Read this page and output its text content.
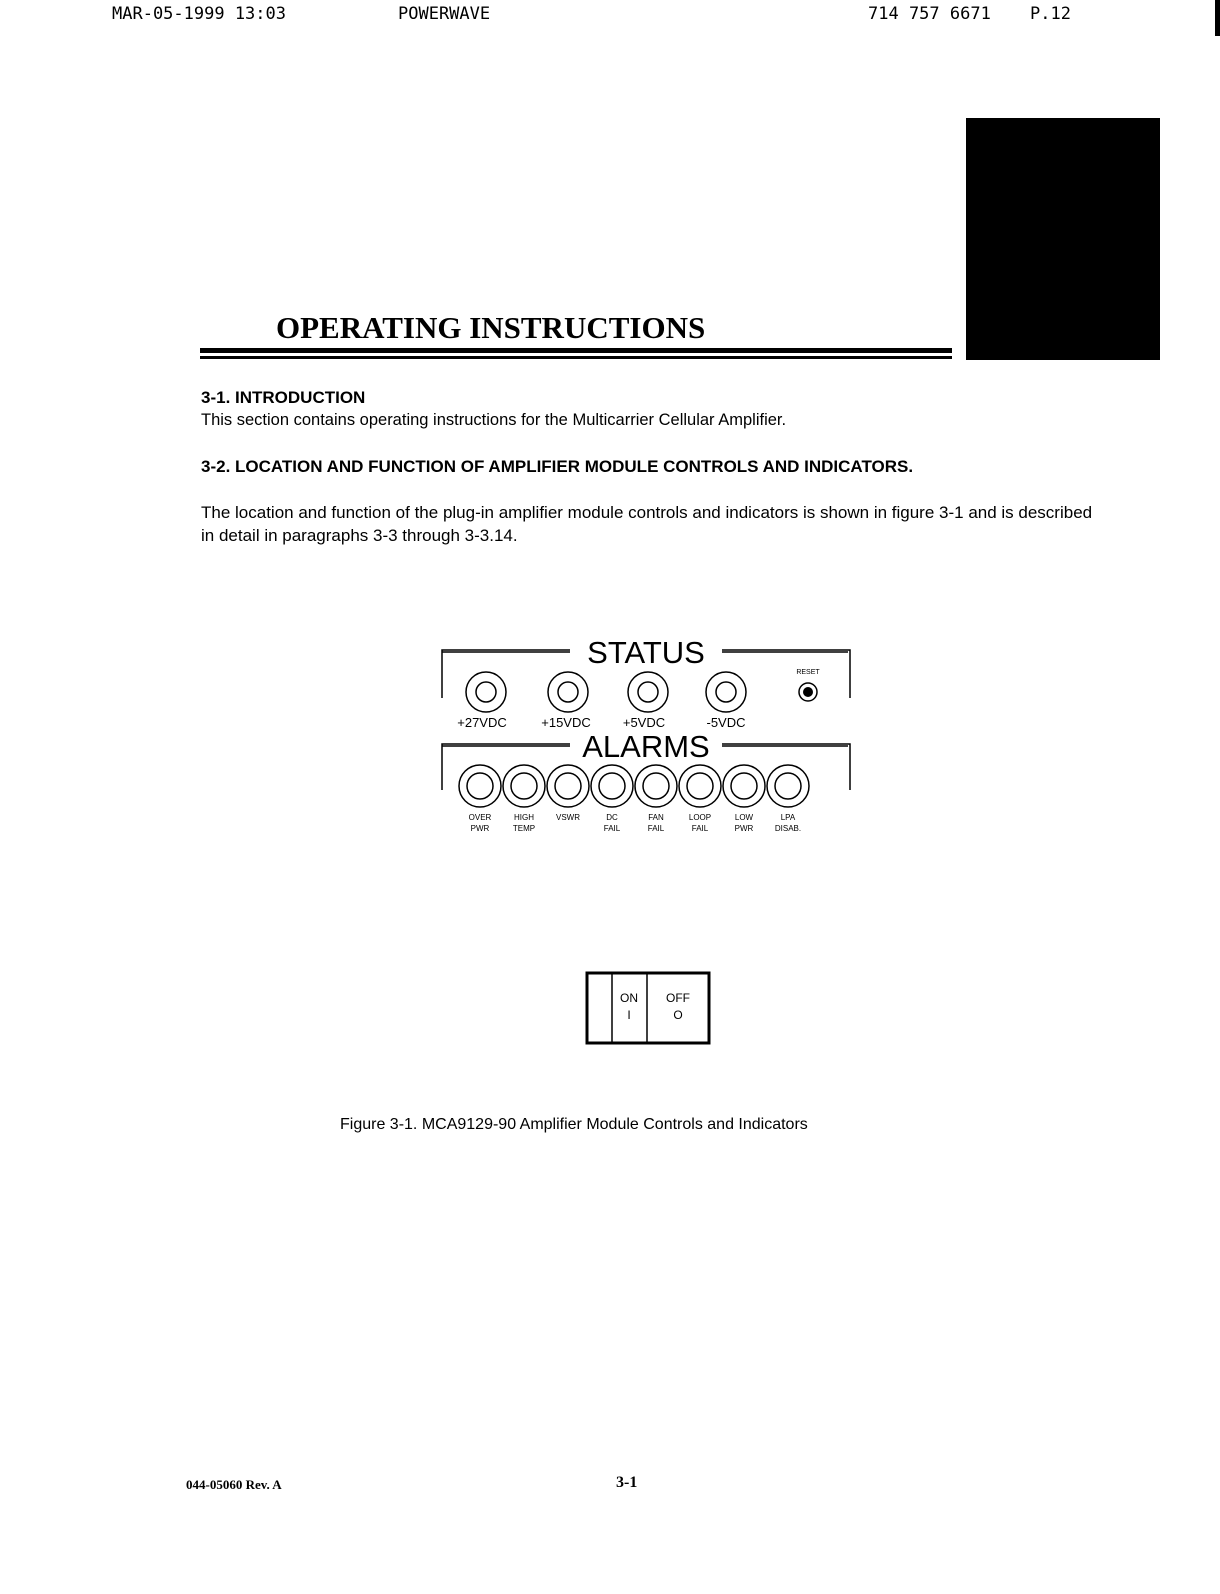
MAR-05-1999 13:03	POWERWAVE	714 757 6671 P.12
OPERATING INSTRUCTIONS
3-1. INTRODUCTION
This section contains operating instructions for the Multicarrier Cellular Amplifier.
3-2. LOCATION AND FUNCTION OF AMPLIFIER MODULE CONTROLS AND INDICATORS.
The location and function of the plug-in amplifier module controls and indicators is shown in figure 3-1 and is described in detail in paragraphs 3-3 through 3-3.14.
STATUS
RESET
+27VDC	+15VDC +5VDC	-5VDC
ALARMS
OVER
PWR
HIGH
TEMP
VSWR	DC
FAIL
FAN
FAIL
LOOP
FAIL
LOW
PWR
LPA
DISAB.
ON
I
OFF
O
Figure 3-1. MCA9129-90 Amplifier Module Controls and Indicators
044-05060 Rev. A	3-1
